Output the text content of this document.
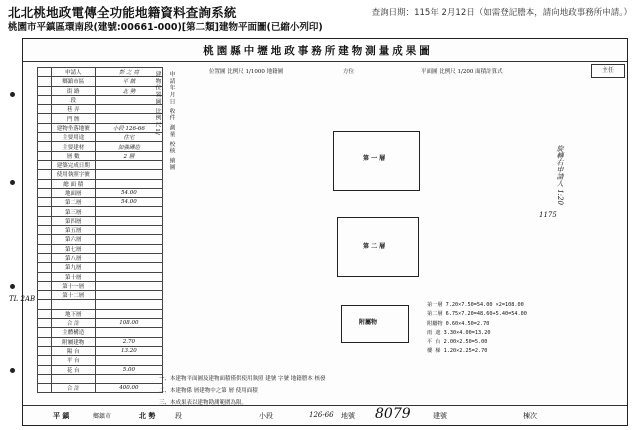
北北桃地政電傳全功能地籍資料查詢系統
桃園市平鎮區環南段(建號:00661-000)[第二類]建物平面圖(已縮小列印)
查詢日期：115年 2月12日（如需登記謄本，請向地政事務所申請。）
桃園縣中壢地政事務所建物測量成果圖
主任
	申請人	彭 之 亮
	鄉鎮市區	平 鎮
	街 路	北 勢
	段	
	巷 弄	
	門 牌	
	建物坐落地號	小段 126-66
	主要用途	住宅
	主要建材	加強磚造
	層 數	2 層
	建築完成日期	
	使用執照字號	
	總 面 積	
	地面層	54.00
	第二層	54.00
	第三層	
	第四層	
	第五層	
	第六層	
	第七層	
	第八層	
	第九層	
	第十層	
	第十一層	
	第十二層	

	地下層	
	合 計	108.00
	主體構造	
	附屬建物	2.70
	陽 台	13.20
	平 台	
	花 台	5.00

	合 計	400.00
建物位置圖 比例尺1/	申請年月日 收件 測量 校核 繪圖	位置圖 比例尺 1/1000 地籍圖	方位	平面圖 比例尺 1/200 面積計算式
第 一 層
第 二 層
附屬物
第一層 7.20×7.50=54.00 ×2=108.00
第二層 6.75×7.20=48.60+5.40=54.00
附屬物 0.60×4.50=2.70
雨 遮 3.30×4.00=13.20
平 台 2.00×2.50=5.00
樓 梯 1.20×2.25=2.70
一、本建物平面圖及建物面積僅供使用執照 建號 字號 地籍謄本 核發
二、本建物係 層建物中之第 層 使用面積
三、本成果表以建物勘測範圍為限。
旋轉右申請人 1:20
TL 2AB
1175
平 鎮	鄉鎮市	北 勢	段	小段	126-66 地號 8079	建號	棟次
